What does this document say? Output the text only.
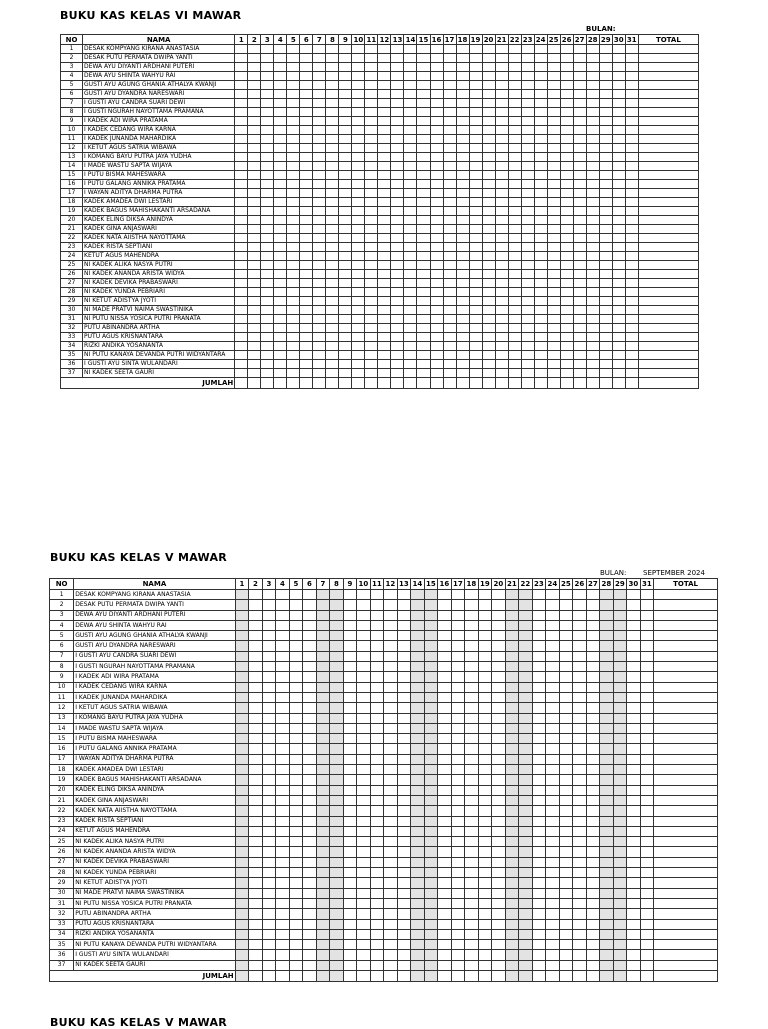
BUKU KAS KELAS VI MAWAR
BULAN:
NO	NAMA	1	2	3	4	5	6	7	8	9	10	11	12	13	14	15	16	17	18	19	20	21	22	23	24	25	26	27	28	29	30	31	TOTAL
1	DESAK KOMPYANG KIRANA ANASTASIA																																
2	DESAK PUTU PERMATA DWIPA YANTI																																
3	DEWA AYU DIYANTI ARDHANI PUTERI																																
4	DEWA AYU SHINTA WAHYU RAI																																
5	GUSTI AYU AGUNG GHANIA ATHALYA KWANJI																																
6	GUSTI AYU DYANDRA NARESWARI																																
7	I GUSTI AYU CANDRA SUARI DEWI																																
8	I GUSTI NGURAH NAYOTTAMA PRAMANA																																
9	I KADEK ADI WIRA PRATAMA																																
10	I KADEK CEDANG WIRA KARNA																																
11	I KADEK JUNANDA MAHARDIKA																																
12	I KETUT AGUS SATRIA WIBAWA																																
13	I KOMANG BAYU PUTRA JAYA YUDHA																																
14	I MADE WASTU SAPTA WIJAYA																																
15	I PUTU BISMA MAHESWARA																																
16	I PUTU GALANG ANNIKA PRATAMA																																
17	I WAYAN ADITYA DHARMA PUTRA																																
18	KADEK AMADEA DWI LESTARI																																
19	KADEK BAGUS MAHISHAKANTI ARSADANA																																
20	KADEK ELING DIKSA ANINDYA																																
21	KADEK GINA ANJASWARI																																
22	KADEK NATA AIISTHA NAYOTTAMA																																
23	KADEK RISTA SEPTIANI																																
24	KETUT AGUS MAHENDRA																																
25	NI KADEK ALIKA NASYA PUTRI																																
26	NI KADEK ANANDA ARISTA WIDYA																																
27	NI KADEK DEVIKA PRABASWARI																																
28	NI KADEK YUNDA PEBRIARI																																
29	NI KETUT ADISTYA JYOTI																																
30	NI MADE PRATVI NAIMA SWASTINIKA																																
31	NI PUTU NISSA YOSICA PUTRI PRANATA																																
32	PUTU ABINANDRA ARTHA																																
33	PUTU AGUS KRISNANTARA																																
34	RIZKI ANDIKA YOSANANTA																																
35	NI PUTU KANAYA DEVANDA PUTRI WIDYANTARA																																
36	I GUSTI AYU SINTA WULANDARI																																
37	NI KADEK SEETA GAURI																																
JUMLAH																																	
BUKU KAS KELAS V MAWAR
BULAN: SEPTEMBER 2024
NO	NAMA	1	2	3	4	5	6	7	8	9	10	11	12	13	14	15	16	17	18	19	20	21	22	23	24	25	26	27	28	29	30	31	TOTAL
1	DESAK KOMPYANG KIRANA ANASTASIA																																
2	DESAK PUTU PERMATA DWIPA YANTI																																
3	DEWA AYU DIYANTI ARDHANI PUTERI																																
4	DEWA AYU SHINTA WAHYU RAI																																
5	GUSTI AYU AGUNG GHANIA ATHALYA KWANJI																																
6	GUSTI AYU DYANDRA NARESWARI																																
7	I GUSTI AYU CANDRA SUARI DEWI																																
8	I GUSTI NGURAH NAYOTTAMA PRAMANA																																
9	I KADEK ADI WIRA PRATAMA																																
10	I KADEK CEDANG WIRA KARNA																																
11	I KADEK JUNANDA MAHARDIKA																																
12	I KETUT AGUS SATRIA WIBAWA																																
13	I KOMANG BAYU PUTRA JAYA YUDHA																																
14	I MADE WASTU SAPTA WIJAYA																																
15	I PUTU BISMA MAHESWARA																																
16	I PUTU GALANG ANNIKA PRATAMA																																
17	I WAYAN ADITYA DHARMA PUTRA																																
18	KADEK AMADEA DWI LESTARI																																
19	KADEK BAGUS MAHISHAKANTI ARSADANA																																
20	KADEK ELING DIKSA ANINDYA																																
21	KADEK GINA ANJASWARI																																
22	KADEK NATA AIISTHA NAYOTTAMA																																
23	KADEK RISTA SEPTIANI																																
24	KETUT AGUS MAHENDRA																																
25	NI KADEK ALIKA NASYA PUTRI																																
26	NI KADEK ANANDA ARISTA WIDYA																																
27	NI KADEK DEVIKA PRABASWARI																																
28	NI KADEK YUNDA PEBRIARI																																
29	NI KETUT ADISTYA JYOTI																																
30	NI MADE PRATVI NAIMA SWASTINIKA																																
31	NI PUTU NISSA YOSICA PUTRI PRANATA																																
32	PUTU ABINANDRA ARTHA																																
33	PUTU AGUS KRISNANTARA																																
34	RIZKI ANDIKA YOSANANTA																																
35	NI PUTU KANAYA DEVANDA PUTRI WIDYANTARA																																
36	I GUSTI AYU SINTA WULANDARI																																
37	NI KADEK SEETA GAURI																																
JUMLAH																																	
BUKU KAS KELAS V MAWAR
